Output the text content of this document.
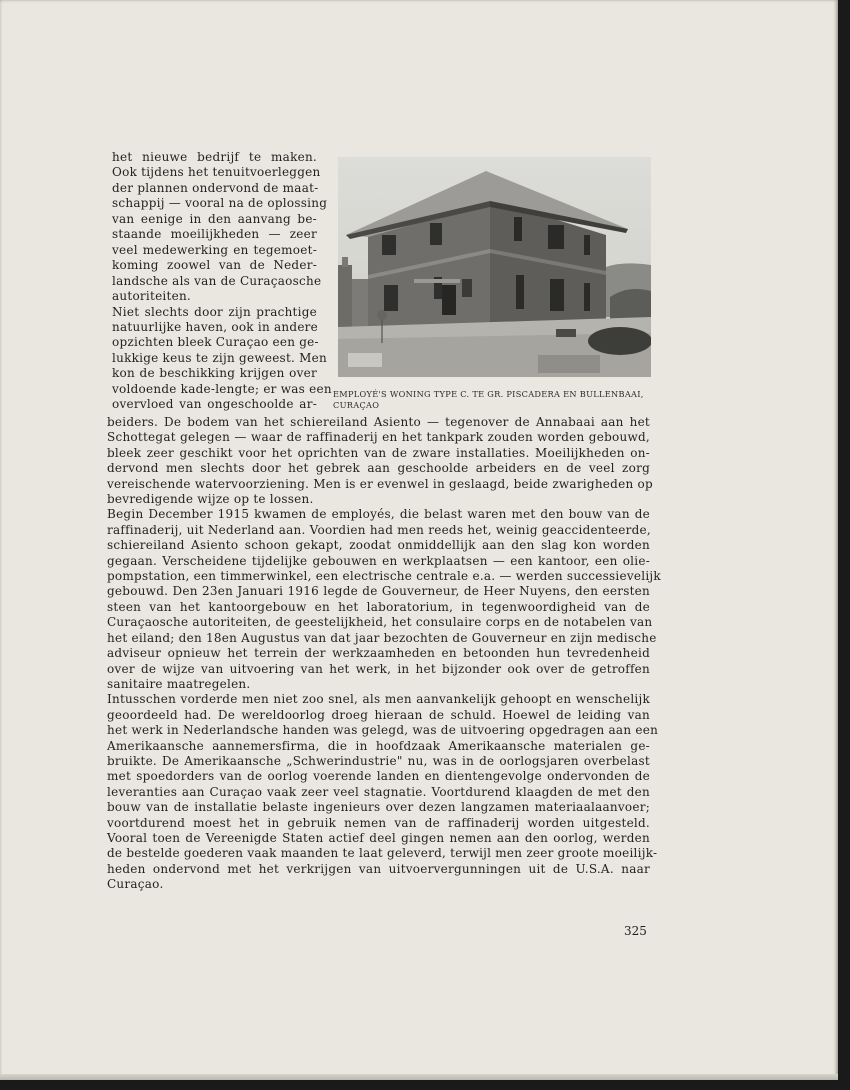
het nieuwe bedrijf te maken.
Ook tijdens het tenuitvoerleggen
der plannen ondervond de maat-
schappij — vooral na de oplossing
van eenige in den aanvang be-
staande moeilijkheden — zeer
veel medewerking en tegemoet-
koming zoowel van de Neder-
landsche als van de Curaçaosche
autoriteiten.
Niet slechts door zijn prachtige
natuurlijke haven, ook in andere
opzichten bleek Curaçao een ge-
lukkige keus te zijn geweest. Men
kon de beschikking krijgen over
voldoende kade-lengte; er was een
overvloed van ongeschoolde ar-
EMPLOYÉ'S WONING TYPE C. TE GR. PISCADERA EN BULLENBAAI,
CURAÇAO
beiders. De bodem van het schiereiland Asiento — tegenover de Annabaai aan het
Schottegat gelegen — waar de raffinaderij en het tankpark zouden worden gebouwd,
bleek zeer geschikt voor het oprichten van de zware installaties. Moeilijkheden on-
dervond men slechts door het gebrek aan geschoolde arbeiders en de veel zorg
vereischende watervoorziening. Men is er evenwel in geslaagd, beide zwarigheden op
bevredigende wijze op te lossen.
Begin December 1915 kwamen de employés, die belast waren met den bouw van de
raffinaderij, uit Nederland aan. Voordien had men reeds het, weinig geaccidenteerde,
schiereiland Asiento schoon gekapt, zoodat onmiddellijk aan den slag kon worden
gegaan. Verscheidene tijdelijke gebouwen en werkplaatsen — een kantoor, een olie-
pompstation, een timmerwinkel, een electrische centrale e.a. — werden successievelijk
gebouwd. Den 23en Januari 1916 legde de Gouverneur, de Heer Nuyens, den eersten
steen van het kantoorgebouw en het laboratorium, in tegenwoordigheid van de
Curaçaosche autoriteiten, de geestelijkheid, het consulaire corps en de notabelen van
het eiland; den 18en Augustus van dat jaar bezochten de Gouverneur en zijn medische
adviseur opnieuw het terrein der werkzaamheden en betoonden hun tevredenheid
over de wijze van uitvoering van het werk, in het bijzonder ook over de getroffen
sanitaire maatregelen.
Intusschen vorderde men niet zoo snel, als men aanvankelijk gehoopt en wenschelijk
geoordeeld had. De wereldoorlog droeg hieraan de schuld. Hoewel de leiding van
het werk in Nederlandsche handen was gelegd, was de uitvoering opgedragen aan een
Amerikaansche aannemersfirma, die in hoofdzaak Amerikaansche materialen ge-
bruikte. De Amerikaansche „Schwerindustrie" nu, was in de oorlogsjaren overbelast
met spoedorders van de oorlog voerende landen en dientengevolge ondervonden de
leveranties aan Curaçao vaak zeer veel stagnatie. Voortdurend klaagden de met den
bouw van de installatie belaste ingenieurs over dezen langzamen materiaalaanvoer;
voortdurend moest het in gebruik nemen van de raffinaderij worden uitgesteld.
Vooral toen de Vereenigde Staten actief deel gingen nemen aan den oorlog, werden
de bestelde goederen vaak maanden te laat geleverd, terwijl men zeer groote moeilijk-
heden ondervond met het verkrijgen van uitvoervergunningen uit de U.S.A. naar
Curaçao.
325
